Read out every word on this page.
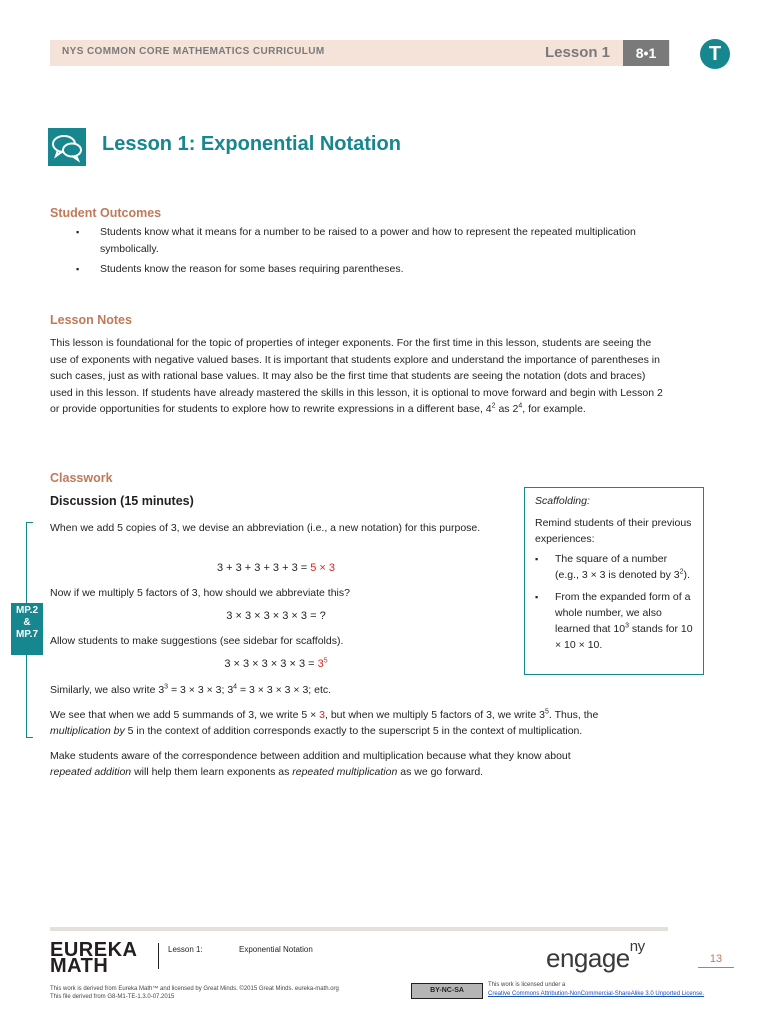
NYS COMMON CORE MATHEMATICS CURRICULUM	Lesson 1	8•1	T
Lesson 1: Exponential Notation
Student Outcomes
▪ Students know what it means for a number to be raised to a power and how to represent the repeated multiplication symbolically.
▪ Students know the reason for some bases requiring parentheses.
Lesson Notes

This lesson is foundational for the topic of properties of integer exponents. For the first time in this lesson, students are seeing the use of exponents with negative valued bases. It is important that students explore and understand the importance of parentheses in such cases, just as with rational base values. It may also be the first time that students are seeing the notation (dots and braces) used in this lesson. If students have already mastered the skills in this lesson, it is optional to move forward and begin with Lesson 2 or provide opportunities for students to explore how to rewrite expressions in a different base, $4^2$ as $2^4$, for example.

Classwork
Discussion (15 minutes)
MP.2
&
MP.7

When we add 5 copies of 3, we devise an abbreviation (i.e., a new notation) for this purpose.

3 + 3 + 3 + 3 + 3 = 5 × 3

Now if we multiply 5 factors of 3, how should we abbreviate this?

3 × 3 × 3 × 3 × 3 = ?

Allow students to make suggestions (see sidebar for scaffolds).

$3 \times 3 \times 3 \times 3 \times 3 = 3^5$

Similarly, we also write $3^3 = 3 \times 3 \times 3$; $3^4 = 3 \times 3 \times 3 \times 3$; etc.

We see that when we add 5 summands of 3, we write 5 × 3, but when we multiply 5 factors of 3, we write $3^5$. Thus, the
multiplication by 5 in the context of addition corresponds exactly to the superscript 5 in the context of multiplication.

Make students aware of the correspondence between addition and multiplication because what they know about
repeated addition will help them learn exponents as repeated multiplication as we go forward.

Scaffolding:
Remind students of their previous experiences:
▪ The square of a number (e.g., 3 × 3 is denoted by $3^2$).
▪ From the expanded form of a whole number, we also learned that $10^3$ stands for 10 × 10 × 10.
EUREKA
MATH
Lesson 1:	Exponential Notation	engage$^{ny}$
13
This work is derived from Eureka Math™ and licensed by Great Minds. ©2015 Great Minds. eureka-math.org
This file derived from G8-M1-TE-1.3.0-07.2015
BY-NC-SA
This work is licensed under a
Creative Commons Attribution-NonCommercial-ShareAlike 3.0 Unported License.
